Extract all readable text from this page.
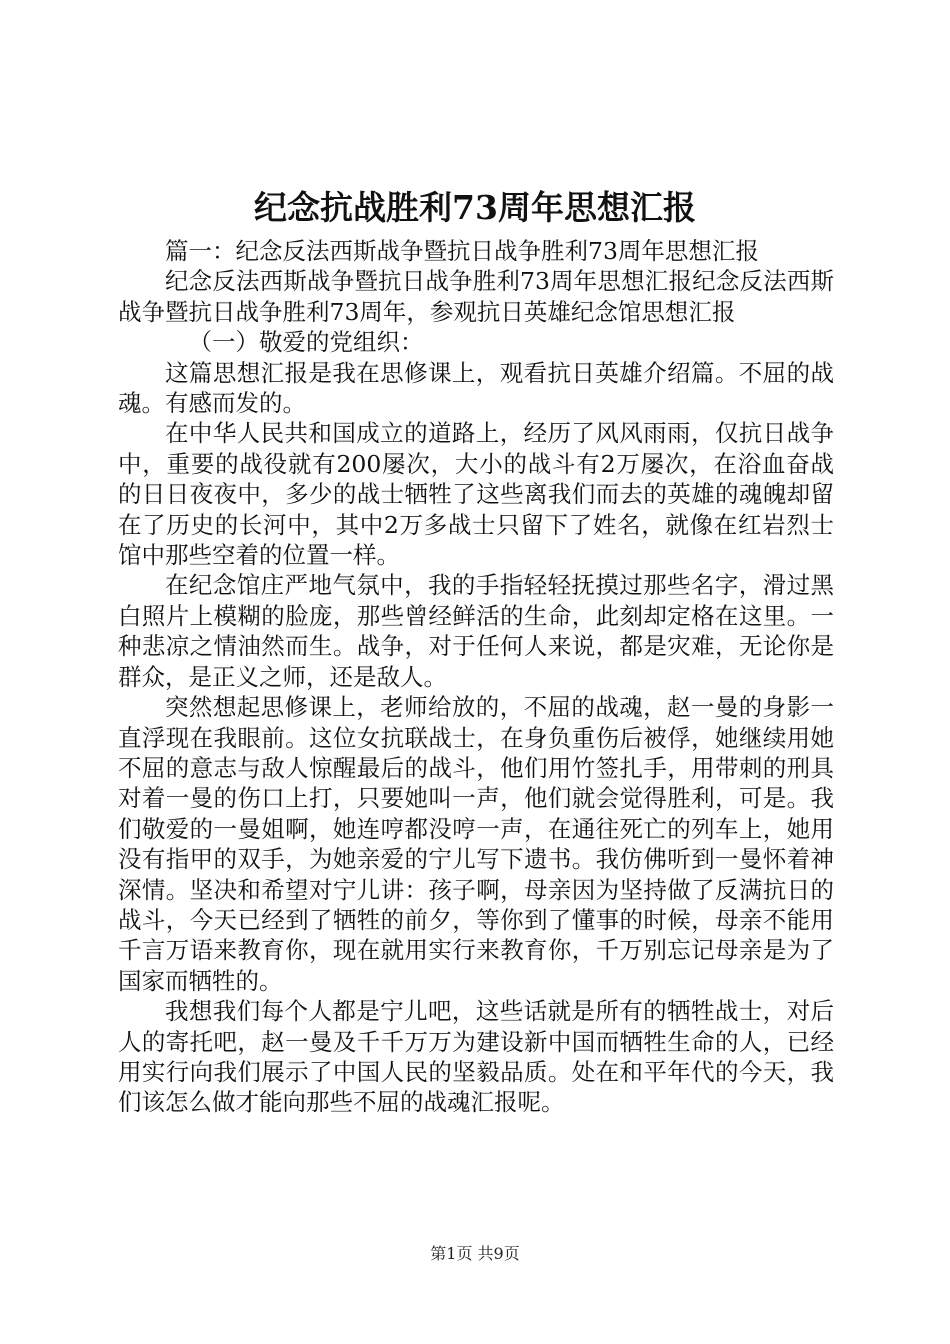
纪念抗战胜利73周年思想汇报

篇一：纪念反法西斯战争暨抗日战争胜利73周年思想汇报

纪念反法西斯战争暨抗日战争胜利73周年思想汇报纪念反法西斯战争暨抗日战争胜利73周年，参观抗日英雄纪念馆思想汇报

（一）敬爱的党组织：

这篇思想汇报是我在思修课上，观看抗日英雄介绍篇。不屈的战魂。有感而发的。

在中华人民共和国成立的道路上，经历了风风雨雨，仅抗日战争中，重要的战役就有200屡次，大小的战斗有2万屡次，在浴血奋战的日日夜夜中，多少的战士牺牲了这些离我们而去的英雄的魂魄却留在了历史的长河中，其中2万多战士只留下了姓名，就像在红岩烈士馆中那些空着的位置一样。

在纪念馆庄严地气氛中，我的手指轻轻抚摸过那些名字，滑过黑白照片上模糊的脸庞，那些曾经鲜活的生命，此刻却定格在这里。一种悲凉之情油然而生。战争，对于任何人来说，都是灾难，无论你是群众，是正义之师，还是敌人。

突然想起思修课上，老师给放的，不屈的战魂，赵一曼的身影一直浮现在我眼前。这位女抗联战士，在身负重伤后被俘，她继续用她不屈的意志与敌人惊醒最后的战斗，他们用竹签扎手，用带刺的刑具对着一曼的伤口上打，只要她叫一声，他们就会觉得胜利，可是。我们敬爱的一曼姐啊，她连哼都没哼一声，在通往死亡的列车上，她用没有指甲的双手，为她亲爱的宁儿写下遗书。我仿佛听到一曼怀着神深情。坚决和希望对宁儿讲：孩子啊，母亲因为坚持做了反满抗日的战斗，今天已经到了牺牲的前夕，等你到了懂事的时候，母亲不能用千言万语来教育你，现在就用实行来教育你，千万别忘记母亲是为了国家而牺牲的。

我想我们每个人都是宁儿吧，这些话就是所有的牺牲战士，对后人的寄托吧，赵一曼及千千万万为建设新中国而牺牲生命的人，已经用实行向我们展示了中国人民的坚毅品质。处在和平年代的今天，我们该怎么做才能向那些不屈的战魂汇报呢。

第1页 共9页
